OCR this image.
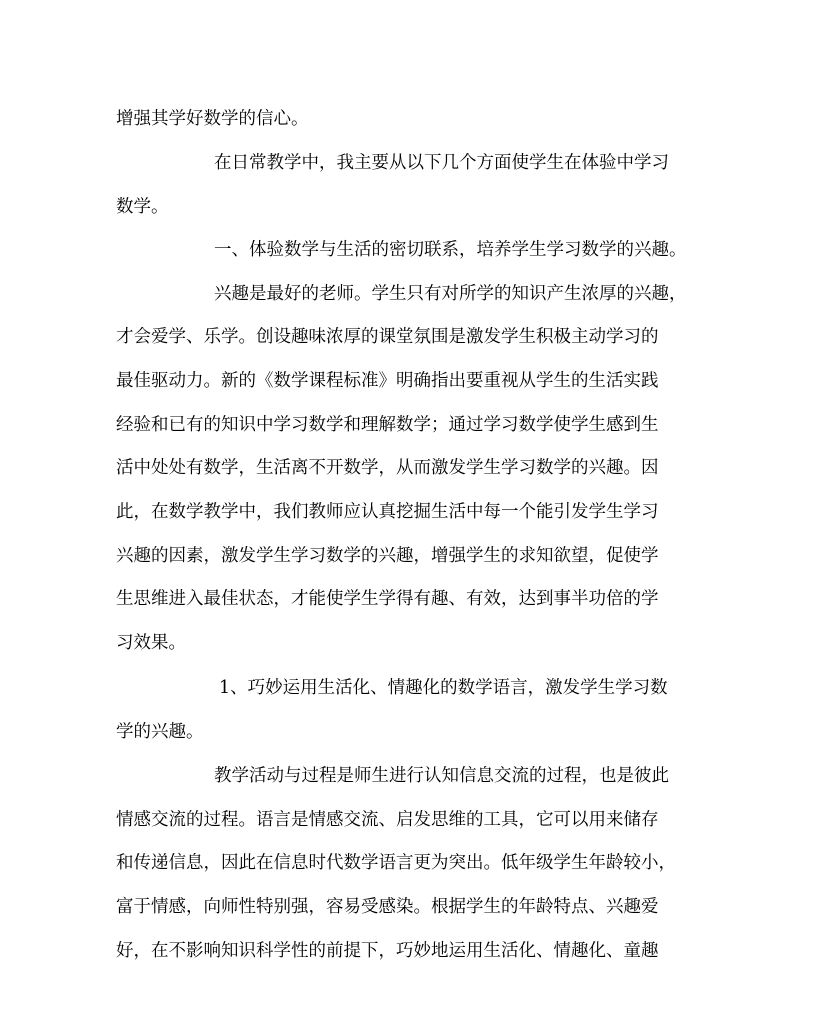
增强其学好数学的信心。
在日常教学中，我主要从以下几个方面使学生在体验中学习
数学。
一、体验数学与生活的密切联系，培养学生学习数学的兴趣。
兴趣是最好的老师。学生只有对所学的知识产生浓厚的兴趣，
才会爱学、乐学。创设趣味浓厚的课堂氛围是激发学生积极主动学习的
最佳驱动力。新的《数学课程标准》明确指出要重视从学生的生活实践
经验和已有的知识中学习数学和理解数学；通过学习数学使学生感到生
活中处处有数学，生活离不开数学，从而激发学生学习数学的兴趣。因
此，在数学教学中，我们教师应认真挖掘生活中每一个能引发学生学习
兴趣的因素，激发学生学习数学的兴趣，增强学生的求知欲望，促使学
生思维进入最佳状态，才能使学生学得有趣、有效，达到事半功倍的学
习效果。
1、巧妙运用生活化、情趣化的数学语言，激发学生学习数
学的兴趣。
教学活动与过程是师生进行认知信息交流的过程，也是彼此
情感交流的过程。语言是情感交流、启发思维的工具，它可以用来储存
和传递信息，因此在信息时代数学语言更为突出。低年级学生年龄较小，
富于情感，向师性特别强，容易受感染。根据学生的年龄特点、兴趣爱
好，在不影响知识科学性的前提下，巧妙地运用生活化、情趣化、童趣
